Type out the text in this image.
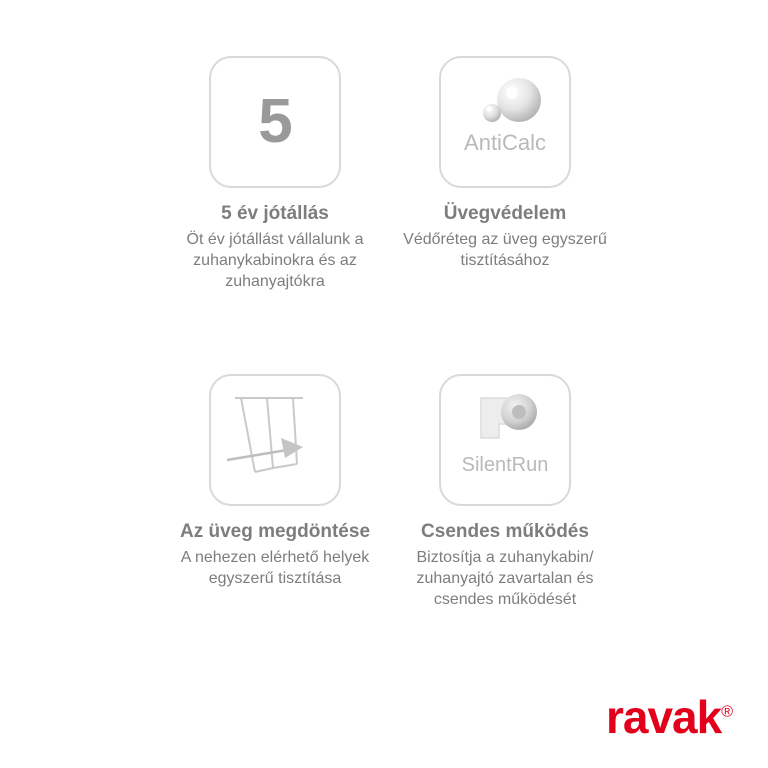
5
5 év jótállás
Öt év jótállást vállalunk a zuhanykabinokra és az zuhanyajtókra
AntiCalc
Üvegvédelem
Védőréteg az üveg egyszerű tisztításához
Az üveg megdöntése
A nehezen elérhető helyek egyszerű tisztítása
SilentRun
Csendes működés
Biztosítja a zuhanykabin/ zuhanyajtó zavartalan és csendes működését
ravak®
